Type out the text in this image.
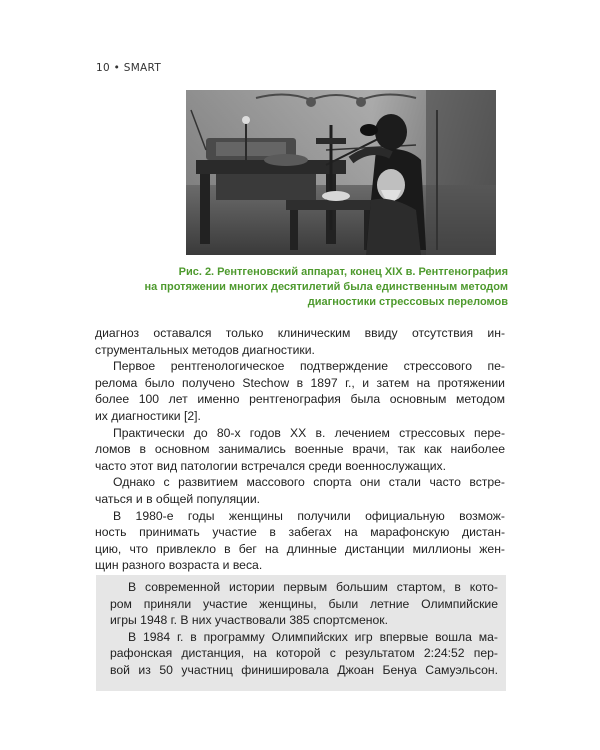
10 • SMART
Рис. 2. Рентгеновский аппарат, конец XIX в. Рентгенография
на протяжении многих десятилетий была единственным методом
диагностики стрессовых переломов
диагноз оставался только клиническим ввиду отсутствия ин-
струментальных методов диагностики.
Первое рентгенологическое подтверждение стрессового пе-
релома было получено Stechow в 1897 г., и затем на протяжении
более 100 лет именно рентгенография была основным методом
их диагностики [2].
Практически до 80-х годов XX в. лечением стрессовых пере-
ломов в основном занимались военные врачи, так как наиболее
часто этот вид патологии встречался среди военнослужащих.
Однако с развитием массового спорта они стали часто встре-
чаться и в общей популяции.
В 1980-е годы женщины получили официальную возмож-
ность принимать участие в забегах на марафонскую дистан-
цию, что привлекло в бег на длинные дистанции миллионы жен-
щин разного возраста и веса.
В современной истории первым большим стартом, в кото-
ром приняли участие женщины, были летние Олимпийские
игры 1948 г. В них участвовали 385 спортсменок.
В 1984 г. в программу Олимпийских игр впервые вошла ма-
рафонская дистанция, на которой с результатом 2:24:52 пер-
вой из 50 участниц финишировала Джоан Бенуа Самуэльсон.
